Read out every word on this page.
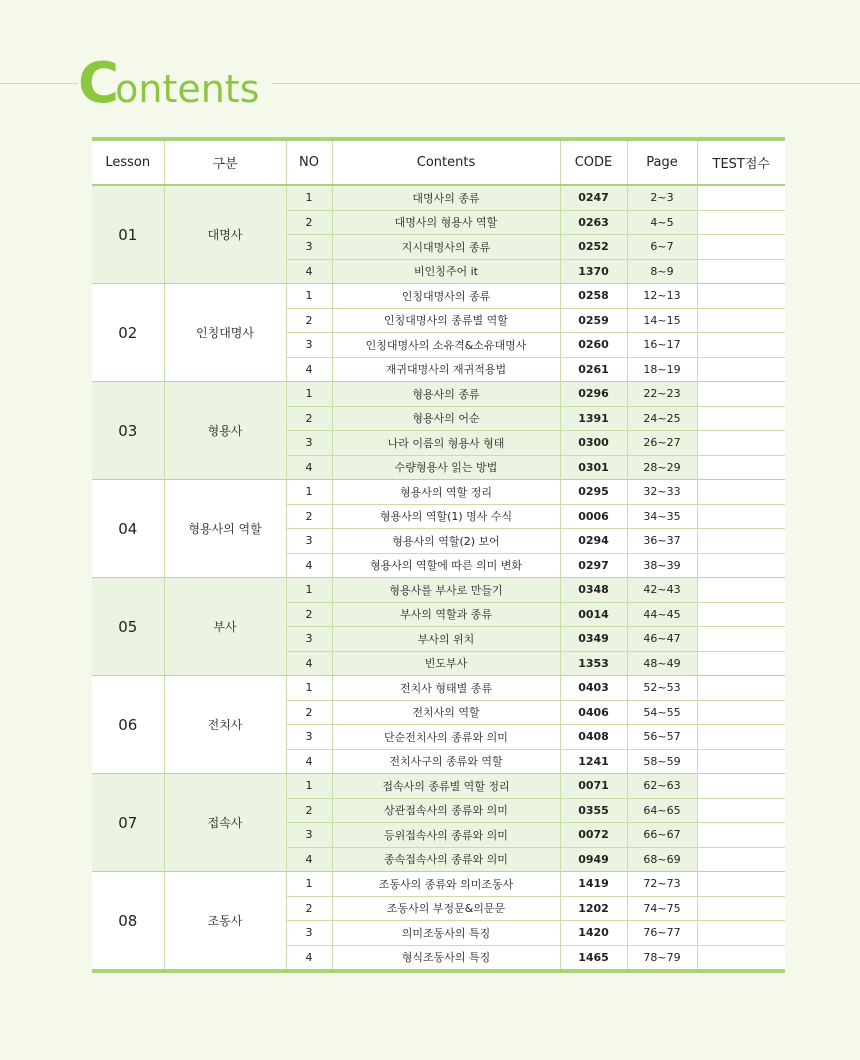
C
ontents
Lesson	구분	NO	Contents	CODE	Page	TEST점수
01	대명사	1	대명사의 종류	0247	2~3	
		2	대명사의 형용사 역할	0263	4~5	
		3	지시대명사의 종류	0252	6~7	
		4	비인칭주어 it	1370	8~9	
02	인칭대명사	1	인칭대명사의 종류	0258	12~13	
		2	인칭대명사의 종류별 역할	0259	14~15	
		3	인칭대명사의 소유격&소유대명사	0260	16~17	
		4	재귀대명사의 재귀적용법	0261	18~19	
03	형용사	1	형용사의 종류	0296	22~23	
		2	형용사의 어순	1391	24~25	
		3	나라 이름의 형용사 형태	0300	26~27	
		4	수량형용사 읽는 방법	0301	28~29	
04	형용사의 역할	1	형용사의 역할 정리	0295	32~33	
		2	형용사의 역할(1) 명사 수식	0006	34~35	
		3	형용사의 역할(2) 보어	0294	36~37	
		4	형용사의 역할에 따른 의미 변화	0297	38~39	
05	부사	1	형용사를 부사로 만들기	0348	42~43	
		2	부사의 역할과 종류	0014	44~45	
		3	부사의 위치	0349	46~47	
		4	빈도부사	1353	48~49	
06	전치사	1	전치사 형태별 종류	0403	52~53	
		2	전치사의 역할	0406	54~55	
		3	단순전치사의 종류와 의미	0408	56~57	
		4	전치사구의 종류와 역할	1241	58~59	
07	접속사	1	접속사의 종류별 역할 정리	0071	62~63	
		2	상관접속사의 종류와 의미	0355	64~65	
		3	등위접속사의 종류와 의미	0072	66~67	
		4	종속접속사의 종류와 의미	0949	68~69	
08	조동사	1	조동사의 종류와 의미조동사	1419	72~73	
		2	조동사의 부정문&의문문	1202	74~75	
		3	의미조동사의 특징	1420	76~77	
		4	형식조동사의 특징	1465	78~79	
